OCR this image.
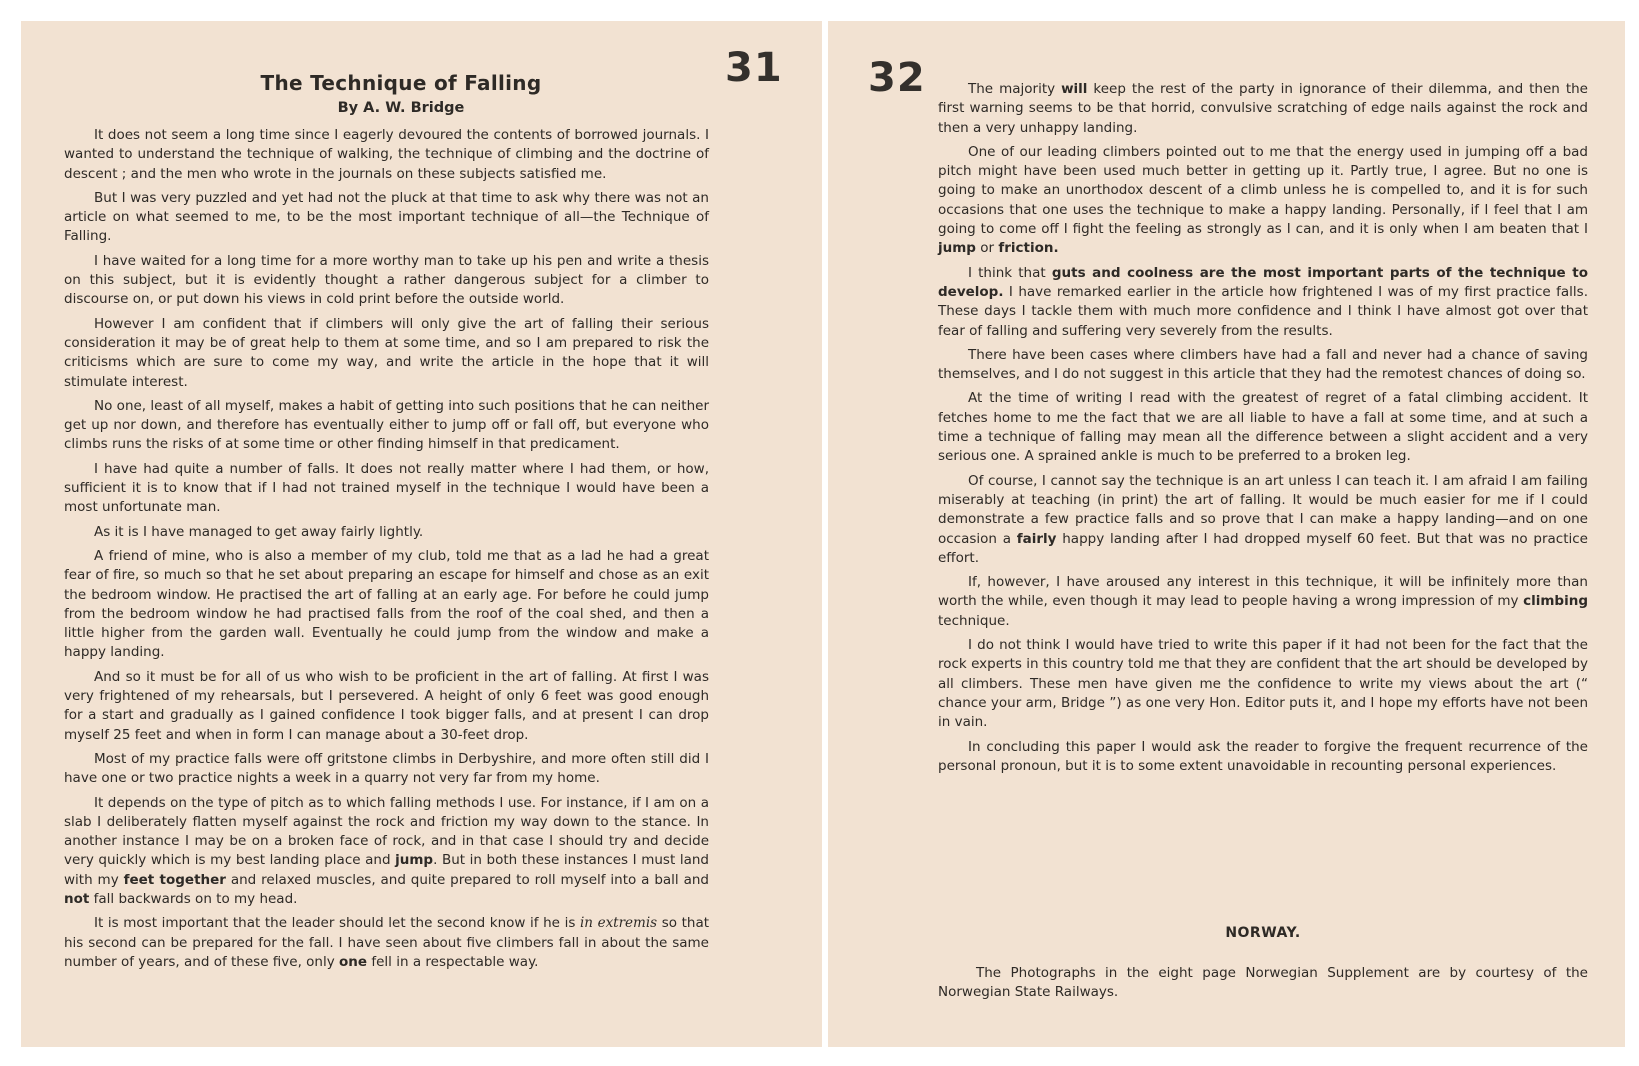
31
The Technique of Falling
By A. W. Bridge

It does not seem a long time since I eagerly devoured the contents of borrowed journals. I wanted to understand the technique of walking, the technique of climbing and the doctrine of descent ; and the men who wrote in the journals on these subjects satisfied me.

But I was very puzzled and yet had not the pluck at that time to ask why there was not an article on what seemed to me, to be the most important technique of all—the Technique of Falling.

I have waited for a long time for a more worthy man to take up his pen and write a thesis on this subject, but it is evidently thought a rather dangerous subject for a climber to discourse on, or put down his views in cold print before the outside world.

However I am confident that if climbers will only give the art of falling their serious consideration it may be of great help to them at some time, and so I am prepared to risk the criticisms which are sure to come my way, and write the article in the hope that it will stimulate interest.

No one, least of all myself, makes a habit of getting into such positions that he can neither get up nor down, and therefore has eventually either to jump off or fall off, but everyone who climbs runs the risks of at some time or other finding himself in that predicament.

I have had quite a number of falls. It does not really matter where I had them, or how, sufficient it is to know that if I had not trained myself in the technique I would have been a most unfortunate man.

As it is I have managed to get away fairly lightly.

A friend of mine, who is also a member of my club, told me that as a lad he had a great fear of fire, so much so that he set about preparing an escape for himself and chose as an exit the bedroom window. He practised the art of falling at an early age. For before he could jump from the bedroom window he had practised falls from the roof of the coal shed, and then a little higher from the garden wall. Eventually he could jump from the window and make a happy landing.

And so it must be for all of us who wish to be proficient in the art of falling. At first I was very frightened of my rehearsals, but I persevered. A height of only 6 feet was good enough for a start and gradually as I gained confidence I took bigger falls, and at present I can drop myself 25 feet and when in form I can manage about a 30-feet drop.

Most of my practice falls were off gritstone climbs in Derbyshire, and more often still did I have one or two practice nights a week in a quarry not very far from my home.

It depends on the type of pitch as to which falling methods I use. For instance, if I am on a slab I deliberately flatten myself against the rock and friction my way down to the stance. In another instance I may be on a broken face of rock, and in that case I should try and decide very quickly which is my best landing place and jump. But in both these instances I must land with my feet together and relaxed muscles, and quite prepared to roll myself into a ball and not fall backwards on to my head.

It is most important that the leader should let the second know if he is in extremis so that his second can be prepared for the fall. I have seen about five climbers fall in about the same number of years, and of these five, only one fell in a respectable way.

32	The majority will keep the rest of the party in ignorance of their dilemma, and then the first warning seems to be that horrid, convulsive scratching of edge nails against the rock and then a very unhappy landing.

One of our leading climbers pointed out to me that the energy used in jumping off a bad pitch might have been used much better in getting up it. Partly true, I agree. But no one is going to make an unorthodox descent of a climb unless he is compelled to, and it is for such occasions that one uses the technique to make a happy landing. Personally, if I feel that I am going to come off I fight the feeling as strongly as I can, and it is only when I am beaten that I jump or friction.

I think that guts and coolness are the most important parts of the technique to develop. I have remarked earlier in the article how frightened I was of my first practice falls. These days I tackle them with much more confidence and I think I have almost got over that fear of falling and suffering very severely from the results.

There have been cases where climbers have had a fall and never had a chance of saving themselves, and I do not suggest in this article that they had the remotest chances of doing so.

At the time of writing I read with the greatest of regret of a fatal climbing accident. It fetches home to me the fact that we are all liable to have a fall at some time, and at such a time a technique of falling may mean all the difference between a slight accident and a very serious one. A sprained ankle is much to be preferred to a broken leg.

Of course, I cannot say the technique is an art unless I can teach it. I am afraid I am failing miserably at teaching (in print) the art of falling. It would be much easier for me if I could demonstrate a few practice falls and so prove that I can make a happy landing—and on one occasion a fairly happy landing after I had dropped myself 60 feet. But that was no practice effort.

If, however, I have aroused any interest in this technique, it will be infinitely more than worth the while, even though it may lead to people having a wrong impression of my climbing technique.

I do not think I would have tried to write this paper if it had not been for the fact that the rock experts in this country told me that they are confident that the art should be developed by all climbers. These men have given me the confidence to write my views about the art (“ chance your arm, Bridge ”) as one very Hon. Editor puts it, and I hope my efforts have not been in vain.

In concluding this paper I would ask the reader to forgive the frequent recurrence of the personal pronoun, but it is to some extent unavoidable in recounting personal experiences.

NORWAY.

The Photographs in the eight page Norwegian Supplement are by courtesy of the Norwegian State Railways.
